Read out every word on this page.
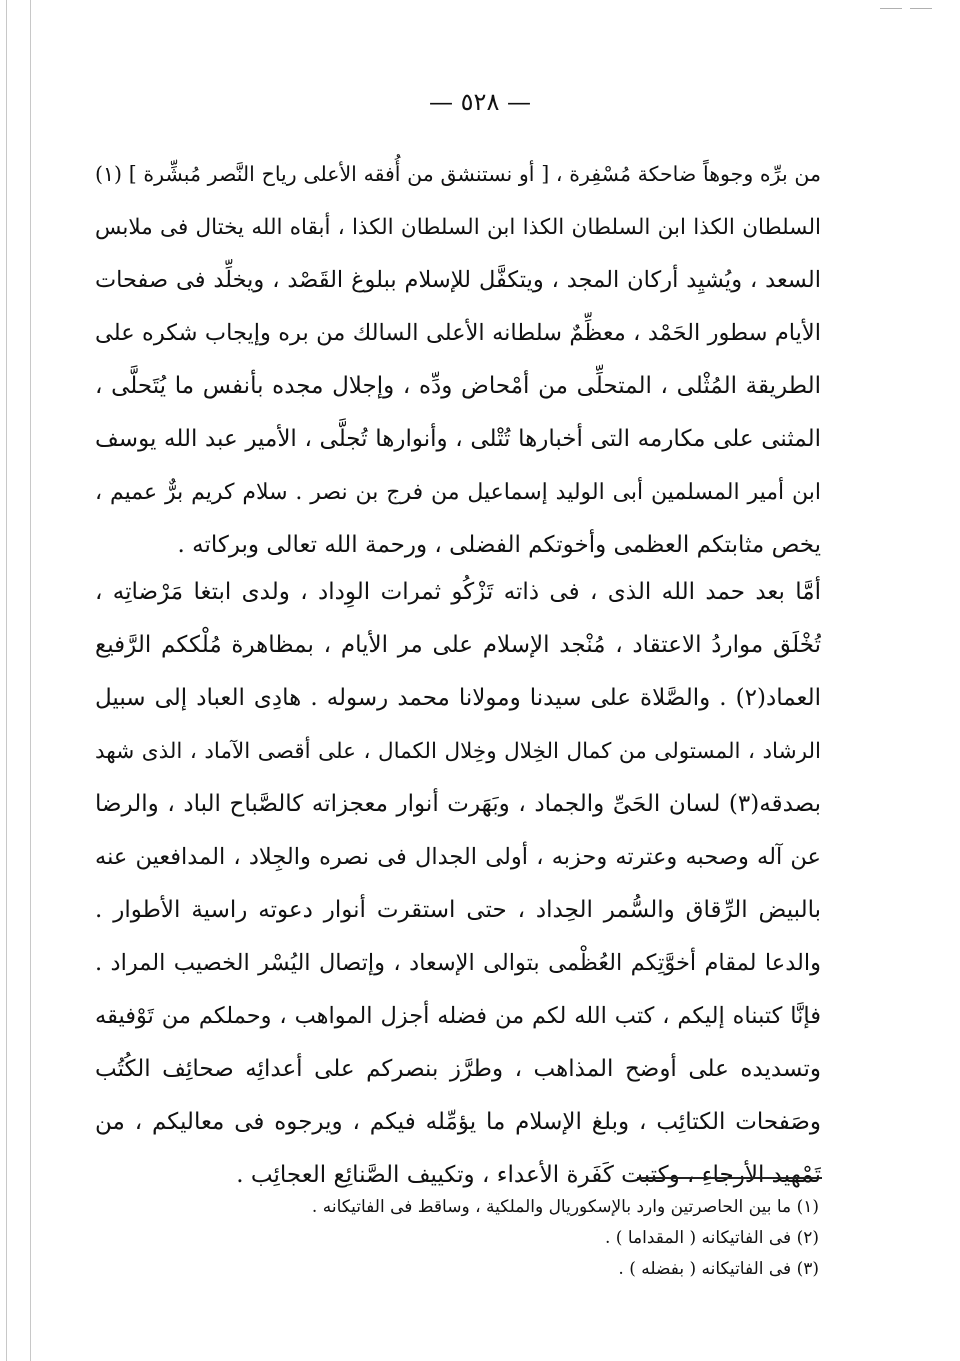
— ٥٢٨ —
من برِّه وجوهاً ضاحكة مُسْفِرة ، [ أو نستنشق من أُفقه الأعلى رياح النَّصر مُبشِّرة ] (١)
السلطان الكذا ابن السلطان الكذا ابن السلطان الكذا ، أبقاه الله يختال فى ملابس
السعد ، ويُشيِد أركان المجد ، ويتكفَّل للإسلام ببلوغ القَصْد ، ويخلِّد فى صفحات
الأيام سطور الحَمْد ، معظِّمٌ سلطانه الأعلى السالك من بره وإيجاب شكره على
الطريقة المُثْلى ، المتحلِّى من أمْحاض ودِّه ، وإجلال مجده بأنفس ما يُتَحلَّى ،
المثنى على مكارمه التى أخبارها تُتْلى ، وأنوارها تُجلَّى ، الأمير عبد الله يوسف
ابن أمير المسلمين أبى الوليد إسماعيل من فرج بن نصر . سلام كريم برٌّ عميم ،
يخص مثابتكم العظمى وأخوتكم الفضلى ، ورحمة الله تعالى وبركاته .
أمَّا بعد حمد الله الذى ، فى ذاته تَزْكُو ثمرات الوِداد ، ولدى ابتغا مَرْضاتِه ،
تُخْلَق مواردُ الاعتقاد ، مُنْجد الإسلام على مر الأيام ، بمظاهرة مُلْككم الرَّفيع
العماد(٢) . والصَّلاة على سيدنا ومولانا محمد رسوله . هادِى العباد إلى سبيل
الرشاد ، المستولى من كمال الخِلال وخِلال الكمال ، على أقصى الآماد ، الذى شهد
بصدقه(٣) لسان الحَىِّ والجماد ، وبَهَرت أنوار معجزاته كالصَّباح الباد ، والرضا
عن آله وصحبه وعترته وحزبه ، أولى الجدال فى نصره والجِلاد ، المدافعين عنه
بالبيض الرِّقاق والسُّمر الحِداد ، حتى استقرت أنوار دعوته راسية الأطوار .
والدعا لمقام أخوَّتِكم العُظْمى بتوالى الإسعاد ، وإتصال اليُسْر الخصيب المراد .
فإنَّا كتبناه إليكم ، كتب الله لكم من فضله أجزل المواهب ، وحملكم من تَوْفيقه
وتسديده على أوضح المذاهب ، وطرَّز بنصركم على أعدائِه صحائِف الكُتُب
وصَفحات الكتائِب ، وبلغ الإسلام ما يؤمِّله فيكم ، ويرجوه فى معاليكم ، من
تَمْهيد الأرجاءِ ، وكتبت كَفَرة الأعداء ، وتكييف الصَّنائِع العجائِب .
(١) ما بين الحاصرتين وارد بالإسكوريال والملكية ، وساقط فى الفاتيكانه .
(٢) فى الفاتيكانه ( المقداما ) .
(٣) فى الفاتيكانه ( بفضله ) .
